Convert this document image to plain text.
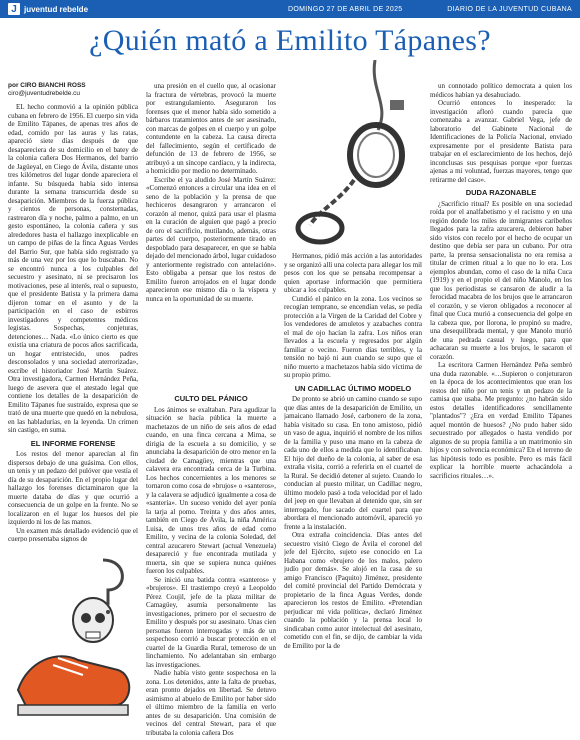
J juventud rebelde	DOMINGO 27 DE ABRIL DE 2025	DIARIO DE LA JUVENTUD CUBANA
¿Quién mató a Emilito Tápanes?
por CIRO BIANCHI ROSS
ciro@juventudrebelde.cu

EL hecho conmovió a la opinión pública cubana en febrero de 1956. El cuerpo sin vida de Emilito Tápanes, de apenas tres años de edad, comido por las auras y las ratas, apareció siete días después de que desapareciera de su domicilio en el batey de la colonia cañera Dos Hermanos, del barrio de Jagüeyal, en Ciego de Ávila, distante unos tres kilómetros del lugar donde apareciera el infante. Su búsqueda había sido intensa durante la semana transcurrida desde su desaparición. Miembros de la fuerza pública y cientos de personas, consternadas, rastrearon día y noche, palmo a palmo, en un gesto espontáneo, la colonia cañera y sus alrededores hasta el hallazgo inexplicable en un campo de piñas de la finca Aguas Verdes del Barrio Sur, que había sido registrado ya más de una vez por los que lo buscaban. No se encontró nunca a los culpables del secuestro y asesinato, ni se precisaron los motivaciones, pese al interés, real o supuesto, que el presidente Batista y la primera dama dijeron tomar en el asunto y de la participación en el caso de esbirros investigadores y competentes médicos legistas. Sospechas, conjeturas, detenciones… Nada. «Lo único cierto es que existía una criatura de pocos años sacrificada, un hogar entristecido, unos padres desconsolados y una sociedad aterrorizada», escribe el historiador José Martín Suárez. Otra investigadora, Carmen Hernández Peña, luego de asevera que el atestado legal que contiene los detalles de la desaparición de Emilito Tápanes fue sustraído, expresa que se trató de una muerte que quedó en la nebulosa, en las habladurías, en la leyenda. Un crimen sin castigo, en suma.

EL INFORME FORENSE

Los restos del menor aparecían al fin dispersos debajo de una guásima. Con ellos, un tenis y un pedazo del pulóver que vestía el día de su desaparición. En el propio lugar del hallazgo los forenses dictaminaron que la muerte databa de días y que ocurrió a consecuencia de un golpe en la frente. No se localizaron en el lugar los huesos del pie izquierdo ni los de las manos.

Un examen más detallado evidenció que el cuerpo presentaba signos de

una presión en el cuello que, al ocasionar la fractura de vértebras, provocó la muerte por estrangulamiento. Aseguraron los forenses que el menor había sido sometido a bárbaros tratamientos antes de ser asesinado, con marcas de golpes en el cuerpo y un golpe contundente en la cabeza. La causa directa del fallecimiento, según el certificado de defunción de 13 de febrero de 1956, se atribuyó a un síncope cardíaco, y la indirecta, a homicidio por medio no determinado.

Escribe el ya aludido José Martín Suárez: «Comenzó entonces a circular una idea en el seno de la población y la prensa de que hechiceros desangraron y arrancaron el corazón al menor, quizá para usar el plasma en la curación de alguien que pagó a precio de oro el sacrificio, mutilando, además, otras partes del cuerpo, posteriormente tirado en despoblado para desaparecer, en que se había dejado del mencionado árbol, lugar cuidadoso y anteriormente registrado con antelación». Esto obligaba a pensar que los restos de Emilito fueron arrojados en el lugar donde aparecieron ese mismo día o la víspera y nunca en la oportunidad de su muerte.

CULTO DEL PÁNICO

Los ánimos se exaltaban. Para agudizar la situación se hacía pública la muerte a machetazos de un niño de seis años de edad cuando, en una finca cercana a Mima, se dirigía de la escuela a su domicilio, y se anunciaba la desaparición de otro menor en la ciudad de Camagüey, mientras que una calavera era encontrada cerca de la Turbina. Los hechos concernientes a los menores se tornaron como cosa de «brujos» o «santeros», y la calavera se adjudicó igualmente a cosa de «santería». Un suceso venido del ayer ponía la tarja al pomo. Treinta y dos años antes, también en Ciego de Ávila, la niña América Luisa, de unos tres años de edad como Emilito, y vecina de la colonia Soledad, del central azucarero Stewart (actual Venezuela) desapareció y fue encontrada mutilada y muerta, sin que se supiera nunca quiénes fueron los culpables.

Se inició una batida contra «santeros» y «brujeros». El trastiempo creyó a Leopoldo Pérez Coujil, jefe de la plaza militar de Camagüey, asumía personalmente las investigaciones, primero por el secuestro de Emilito y después por su asesinato. Unas cien personas fueron interrogadas y más de un sospechoso corrió a buscar protección en el cuartel de la Guardia Rural, temeroso de un linchamiento. No adelantaban sin embargo las investigaciones.

Nadie había visto gente sospechosa en la zona. Los detenidos, ante la falta de pruebas, eran pronto dejados en libertad. Se detuvo asimismo al abuelo de Emilito por haber sido el último miembro de la familia en verlo antes de su desaparición. Una comisión de vecinos del central Stewart, para el que tributaba la colonia cañera Dos

Hermanos, pidió más acción a las autoridades y se organizó allí una colecta para allegar los mil pesos con los que se pensaba recompensar a quien aportase información que permitiera ubicar a los culpables.

Cundió el pánico en la zona. Los vecinos se recogían temprano, se encendían velas, se pedía protección a la Virgen de la Caridad del Cobre y los vendedores de amuletos y azabaches contra el mal de ojo hacían la zafra. Los niños eran llevados a la escuela y regresados por algún familiar o vecino. Fueron días terribles, y la tensión no bajó ni aun cuando se supo que el niño muerto a machetazos había sido víctima de su propio primo.

UN CADILLAC ÚLTIMO MODELO

De pronto se abrió un camino cuando se supo que días antes de la desaparición de Emilito, un jamaicano llamado José, carbonero de la zona, había visitado su casa. En tono amistoso, pidió un vaso de agua, inquirió el nombre de los niños de la familia y puso una mano en la cabeza de cada uno de ellos a medida que lo identificaban. El hijo del dueño de la colonia, al saber de esa extraña visita, corrió a referirla en el cuartel de la Rural. Se decidió detener al sujeto. Cuando lo conducían al puesto militar, un Cadillac negro, último modelo pasó a toda velocidad por el lado del jeep en que llevaban al detenido que, sin ser interrogado, fue sacado del cuartel para que abordara el mencionado automóvil, apareció yo frente a la instalación.

Otra extraña coincidencia. Días antes del secuestro visitó Ciego de Ávila el coronel del jefe del Ejército, sujeto ese conocido en La Habana como «brujero de los malos, palero judío por demás». Se alojó en la casa de su amigo Francisco (Paquito) Jiménez, presidente del comité provincial del Partido Demócrata y propietario de la finca Aguas Verdes, donde aparecieron los restos de Emilito. «Pretendían perjudicar mi vida política», declaró Jiménez cuando la población y la prensa local lo sindicaban como autor intelectual del asesinato, cometido con el fin, se dijo, de cambiar la vida de Emilito por la de

un connotado político democrata a quien los médicos habían ya desahuciado.

Ocurrió entonces lo inesperado: la investigación afloró cuando parecía que comenzaba a avanzar. Gabriel Vega, jefe de laboratorio del Gabinete Nacional de Identificaciones de la Policía Nacional, enviado expresamente por el presidente Batista para trabajar en el esclarecimiento de los hechos, dejó inconclusas sus pesquisas porque «por fuerzas ajenas a mi voluntad, fuerzas mayores, tengo que retirarme del caso».

DUDA RAZONABLE

¿Sacrificio ritual? Es posible en una sociedad roída por el analfabetismo y el racismo y en una región donde los miles de inmigrantes caribeños llegados para la zafra azucarera, debieron haber sido vistos con recelo por el hecho de ocupar un destino que debía ser para un cubano. Por otra parte, la prensa sensacionalista no era remisa a titular de crimen ritual a lo que no lo era. Los ejemplos abundan, como el caso de la niña Cuca (1919) y en el propio el del niño Manolo, en los que los periodistas se cansaron de aludir a la ferocidad macabra de los brujos que le arrancaron el corazón, y se vieron obligados a reconocer al final que Cuca murió a consecuencia del golpe en la cabeza que, por llorona, le propinó su madre, una desequilibrada mental, y que Manolo murió de una pedrada casual y luego, para que achacaran su muerte a los brujos, le sacaron el corazón.

La escritora Carmen Hernández Peña sembró una duda razonable. «…Supieron o conjeturaron en la época de los acontecimientos que eran los restos del niño por un tenis y un pedazo de la camisa que usaba. Me pregunto: ¿no habrán sido estos detalles identificadores sencillamente "plantados"? ¿Era en verdad Emilito Tápanes aquel montón de huesos? ¿No pudo haber sido secuestrado por allegados o hasta vendido por algunos de su propia familia a un matrimonio sin hijos y con solvencia económica? En el terreno de las hipótesis todo es posible. Pero es más fácil explicar la horrible muerte achacándola a sacrificios rituales…».
